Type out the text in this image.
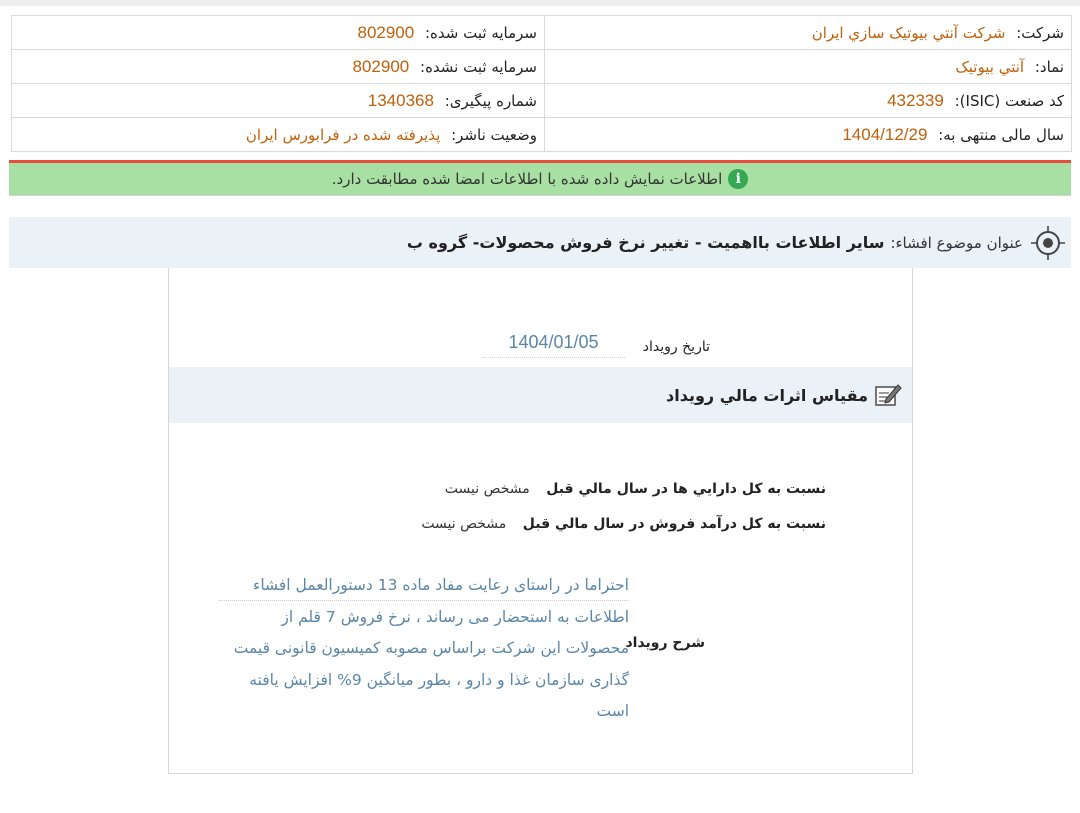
شرکت: شرکت آنتي بيوتيک سازي ايران	سرمایه ثبت شده: 802900
نماد: آنتي بيوتيک	سرمایه ثبت نشده: 802900
کد صنعت (ISIC): 432339	شماره پیگیری: 1340368
سال مالی منتهی به: 1404/12/29	وضعیت ناشر: پذیرفته شده در فرابورس ایران
i
اطلاعات نمایش داده شده با اطلاعات امضا شده مطابقت دارد.
عنوان موضوع افشاء:
ساير اطلاعات بااهميت - تغيير نرخ فروش محصولات- گروه ب
تاريخ رويداد
1404/01/05
مقياس اثرات مالي رويداد
نسبت به کل دارايي ها در سال مالي قبل مشخص نيست
نسبت به کل درآمد فروش در سال مالي قبل مشخص نيست
شرح رويداد
احتراما در راستای رعایت مفاد ماده 13 دستورالعمل افشاء اطلاعات به استحضار می رساند ، نرخ فروش 7 قلم از محصولات این شرکت براساس مصوبه کمیسیون قانونی قیمت گذاری سازمان غذا و دارو ، بطور میانگین 9% افزایش یافته است
